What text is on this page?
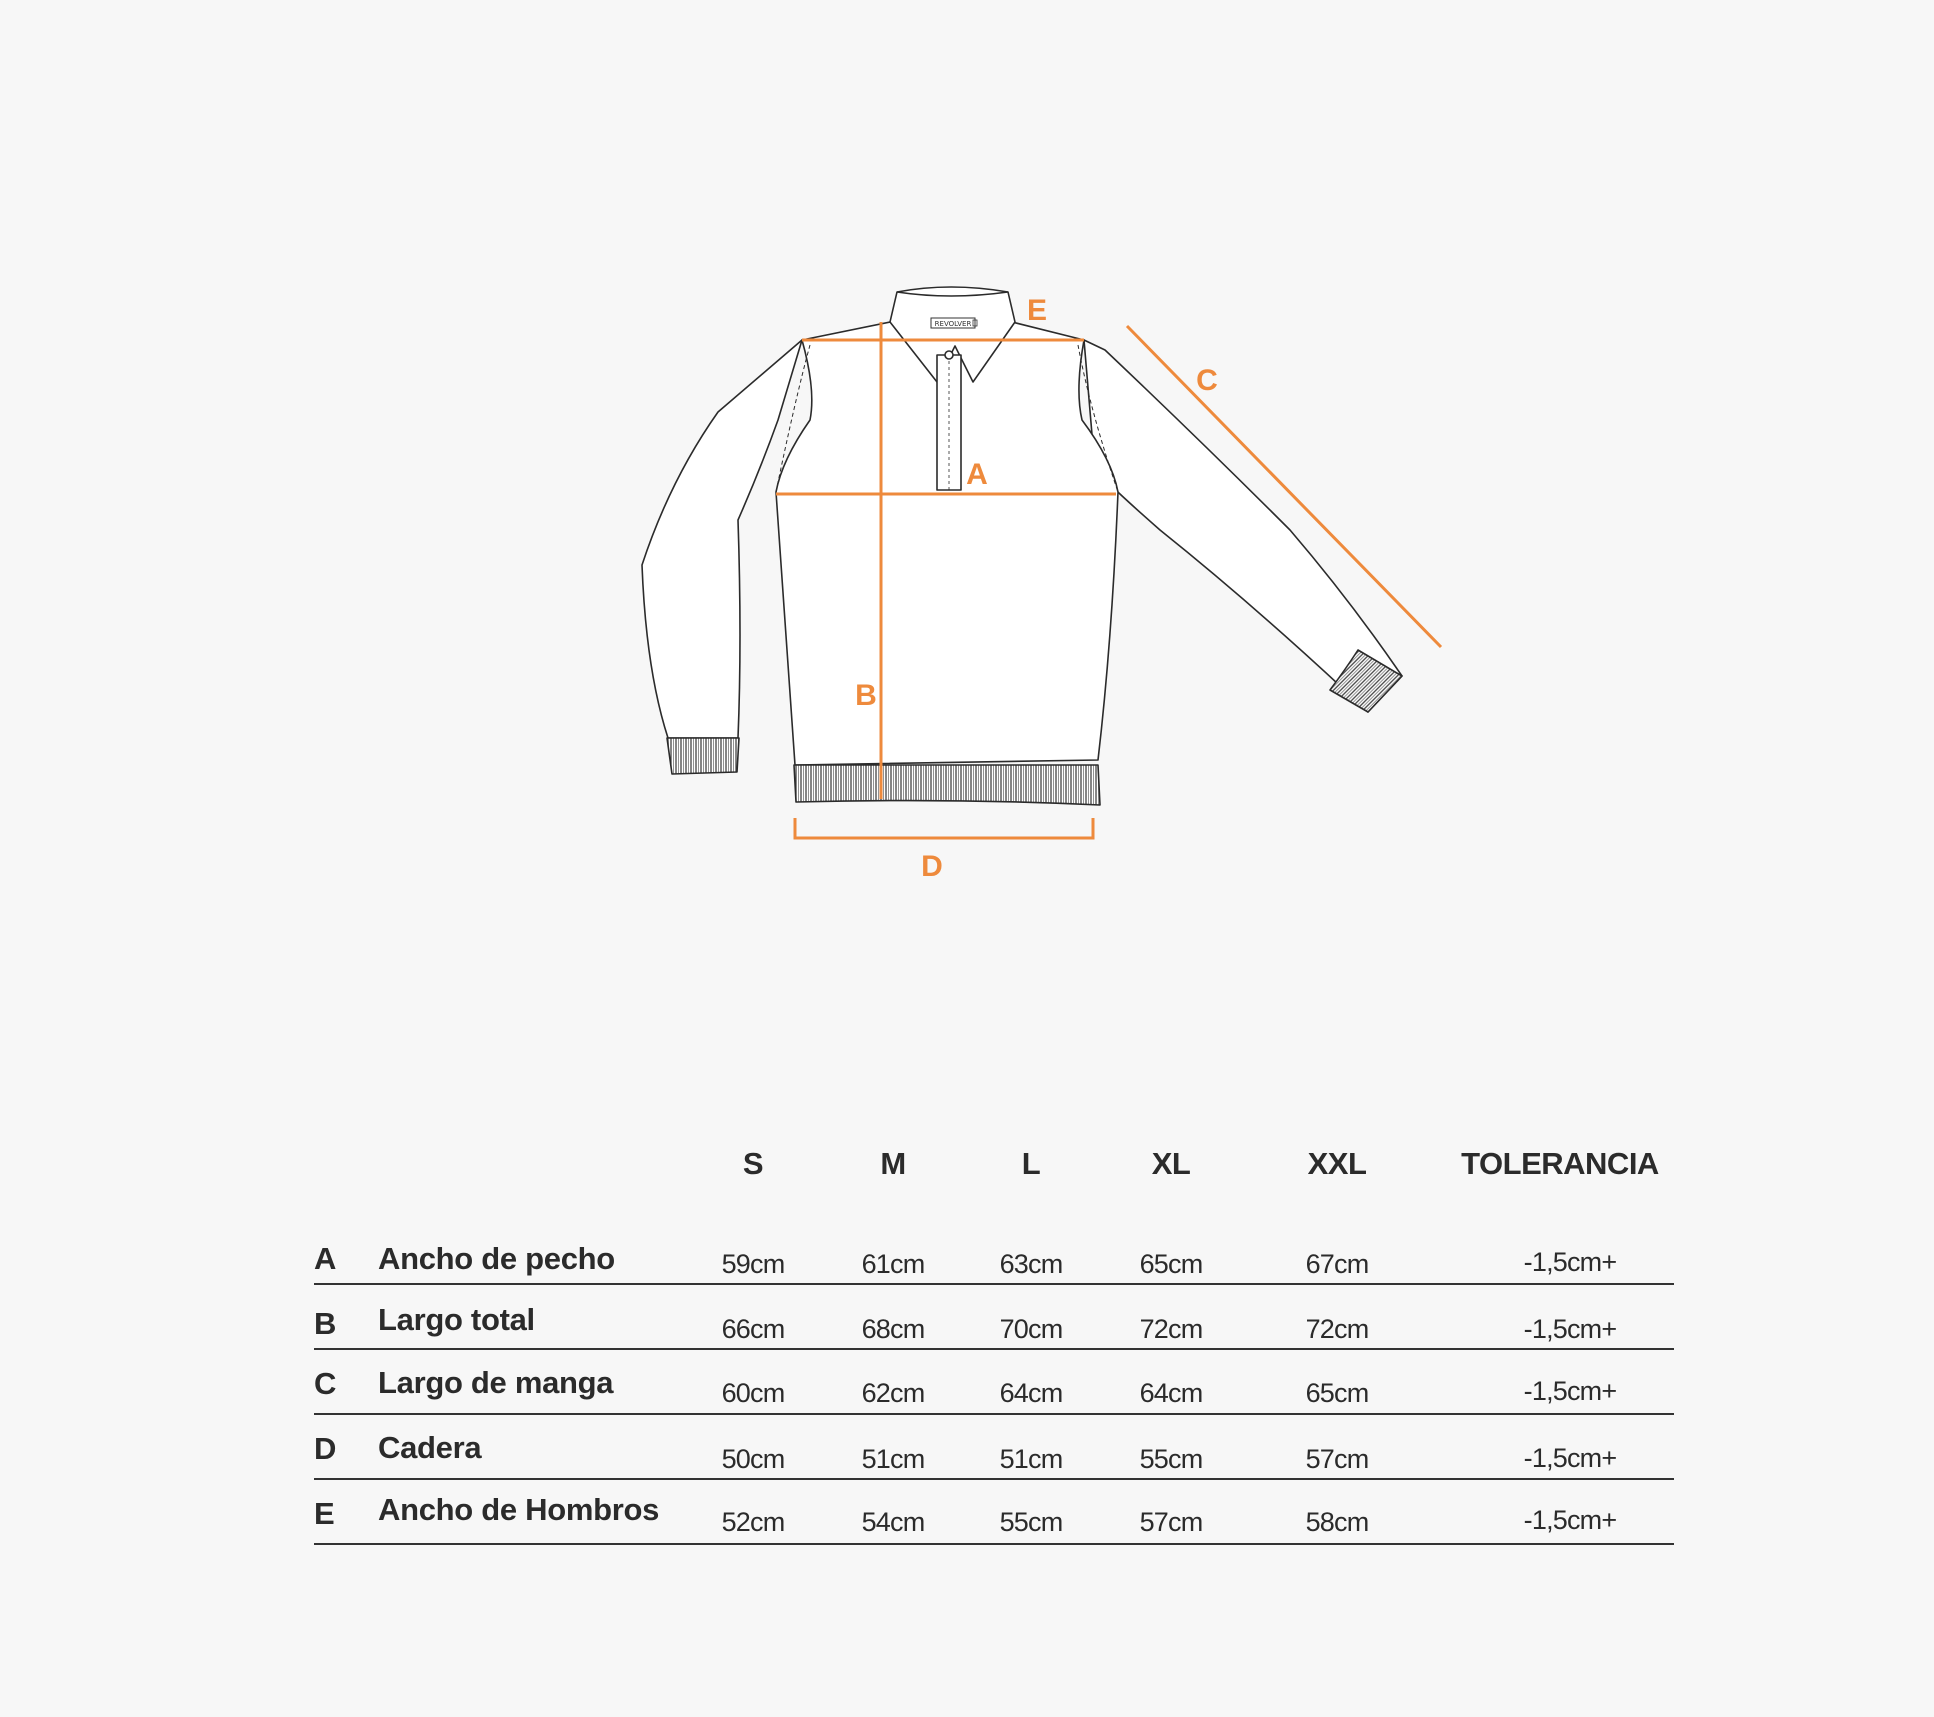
REVOLVER E
C
A
B
D
S	M	L	XL	XXL	TOLERANCIA
A Ancho de pecho	59cm	61cm	63cm	65cm	67cm	-1,5cm+
B Largo total	66cm	68cm	70cm	72cm	72cm	-1,5cm+
C Largo de manga	60cm	62cm	64cm	64cm	65cm	-1,5cm+
D Cadera	50cm	51cm	51cm	55cm	57cm	-1,5cm+
E Ancho de Hombros 52cm	54cm	55cm	57cm	58cm	-1,5cm+
